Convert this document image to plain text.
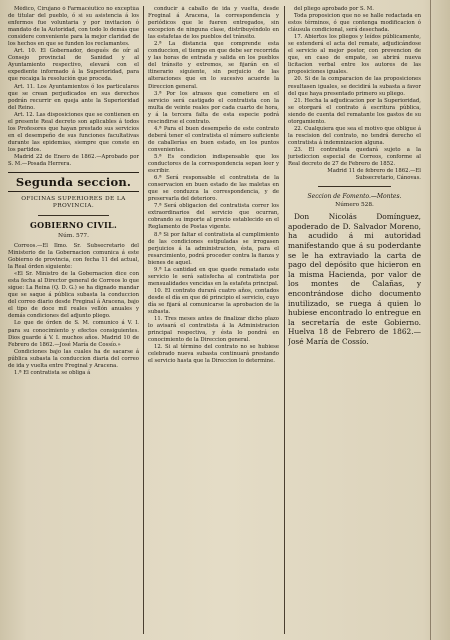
Médico, Cirujano ó Farmacéutico no exceptúa de titular del pueblo, ó si su asistencia á los enfermos fue voluntaria y por invitacion ó mandato de la Autoridad, con todo lo demás que considere conveniente para la mejor claridad de los hechos en que se funden los reclamantes.

Art. 10. El Gobernador, después de oír al Consejo provincial de Sanidad y al Ayuntamiento respectivo, elevará con el expediente informado á la Superioridad, para que recaiga la resolución que proceda.

Art. 11. Los Ayuntamientos ó los particulares que se crean perjudicados en sus derechos podrán recurrir en queja ante la Superioridad del Reino.

Art. 12. Las disposiciones que se contienen en el presente Real decreto son aplicables á todos los Profesores que hayan prestado sus servicios en el desempeño de sus funciones facultativas durante las epidemias, siempre que conste en los partidos.

Madrid 22 de Enero de 1862.—Aprobado por S. M.—Posada Herrera.

Segunda seccion.
OFICINAS SUPERIORES DE LA PROVINCIA.
GOBIERNO CIVIL.
Núm. 577.

Correos.—El Ilmo. Sr. Subsecretario del Ministerio de la Gobernacion comunica á este Gobierno de provincia, con fecha 11 del actual, la Real órden siguiente:

«El Sr. Ministro de la Gobernacion dice con esta fecha al Director general de Correos lo que sigue: La Reina (Q. D. G.) se ha dignado mandar que se saque á pública subasta la conduccion del correo diario desde Freginal á Aracena, bajo el tipo de doce mil reales vellón anuales y demás condiciones del adjunto pliego.

Lo que de órden de S. M. comunico á V. I. para su conocimiento y efectos consiguientes. Dios guarde á V. I. muchos años. Madrid 10 de Febrero de 1862.—José María de Cossío.»

Condiciones bajo las cuales ha de sacarse á pública subasta la conduccion diaria del correo de ida y vuelta entre Freginal y Aracena.

1.ª El contratista se obliga á

conducir á caballo de ida y vuelta, desde Freginal á Aracena, la correspondencia y periódicos que le fueren entregados, sin excepcion de ninguna clase, distribuyéndolo en las estafetas de los pueblos del tránsito.

2.ª La distancia que comprende esta conduccion, el tiempo en que debe ser recorrida y las horas de entrada y salida en los pueblos del tránsito y extremos, se fijarán en el itinerario siguiente, sin perjuicio de las alteraciones que en lo sucesivo acuerde la Direccion general.

3.ª Por los atrasos que cometiere en el servicio será castigado el contratista con la multa de veinte reales por cada cuarto de hora, y á la tercera falta de esta especie podrá rescindirse el contrato.

4.ª Para el buen desempeño de este contrato deberá tener el contratista el número suficiente de caballerías en buen estado, en los puntos convenientes.

5.ª Es condicion indispensable que los conductores de la correspondencia sepan leer y escribir.

6.ª Será responsable el contratista de la conservacion en buen estado de las maletas en que se conduzca la correspondencia, y de preservarla del deterioro.

7.ª Será obligacion del contratista correr los extraordinarios del servicio que ocurran, cobrando su importe al precio establecido en el Reglamento de Postas vigente.

8.ª Si por faltar el contratista al cumplimiento de las condiciones estipuladas se irrogasen perjuicios á la administracion, ésta, para el resarcimiento, podrá proceder contra la fianza y bienes de aquel.

9.ª La cantidad en que quede rematado este servicio le será satisfecha al contratista por mensualidades vencidas en la estafeta principal.

10. El contrato durará cuatro años, contados desde el día en que dé principio el servicio, cuyo día se fijará al comunicarse la aprobacion de la subasta.

11. Tres meses antes de finalizar dicho plazo lo avisará el contratista á la Administracion principal respectiva, y ésta lo pondrá en conocimiento de la Direccion general.

12. Si al término del contrato no se hubiese celebrado nueva subasta continuará prestando el servicio hasta que la Direccion lo determine.

del pliego aprobado por S. M.

Toda proposicion que no se halle redactada en estos términos, ó que contenga modificacion ó cláusula condicional, será desechada.

17. Abiertos los pliegos y leídos públicamente, se extenderá el acta del remate, adjudicándose el servicio al mejor postor, con prevencion de que, en caso de empate, se abrirá nueva licitacion verbal entre los autores de las proposiciones iguales.

20. Si de la comparacion de las proposiciones resultasen iguales, se decidirá la subasta a favor del que haya presentado primero su pliego.

21. Hecha la adjudicacion por la Superioridad, se otorgará el contrato á escritura pública, siendo de cuenta del rematante los gastos de su otorgamiento.

22. Cualquiera que sea el motivo que obligue á la rescision del contrato, no tendrá derecho el contratista á indemnizacion alguna.

23. El contratista quedará sujeto a la jurisdiccion especial de Correos, conforme al Real decreto de 27 de Febrero de 1852.

Madrid 11 de febrero de 1862.—El Subsecretario, Cánovas.

Seccion de Fomento.—Montes.
Número 528.

Don Nicolás Domínguez, apoderado de D. Salvador Moreno, ha acudido á mi autoridad manifestando que á su poderdante se le ha extraviado la carta de pago del depósito que hicieron en la misma Hacienda, por valor de los montes de Calañas, y encontrándose dicho documento inutilizado, se ruega á quien lo hubiese encontrado lo entregue en la secretaría de este Gobierno. Huelva 18 de Febrero de 1862.—José María de Cossío.
